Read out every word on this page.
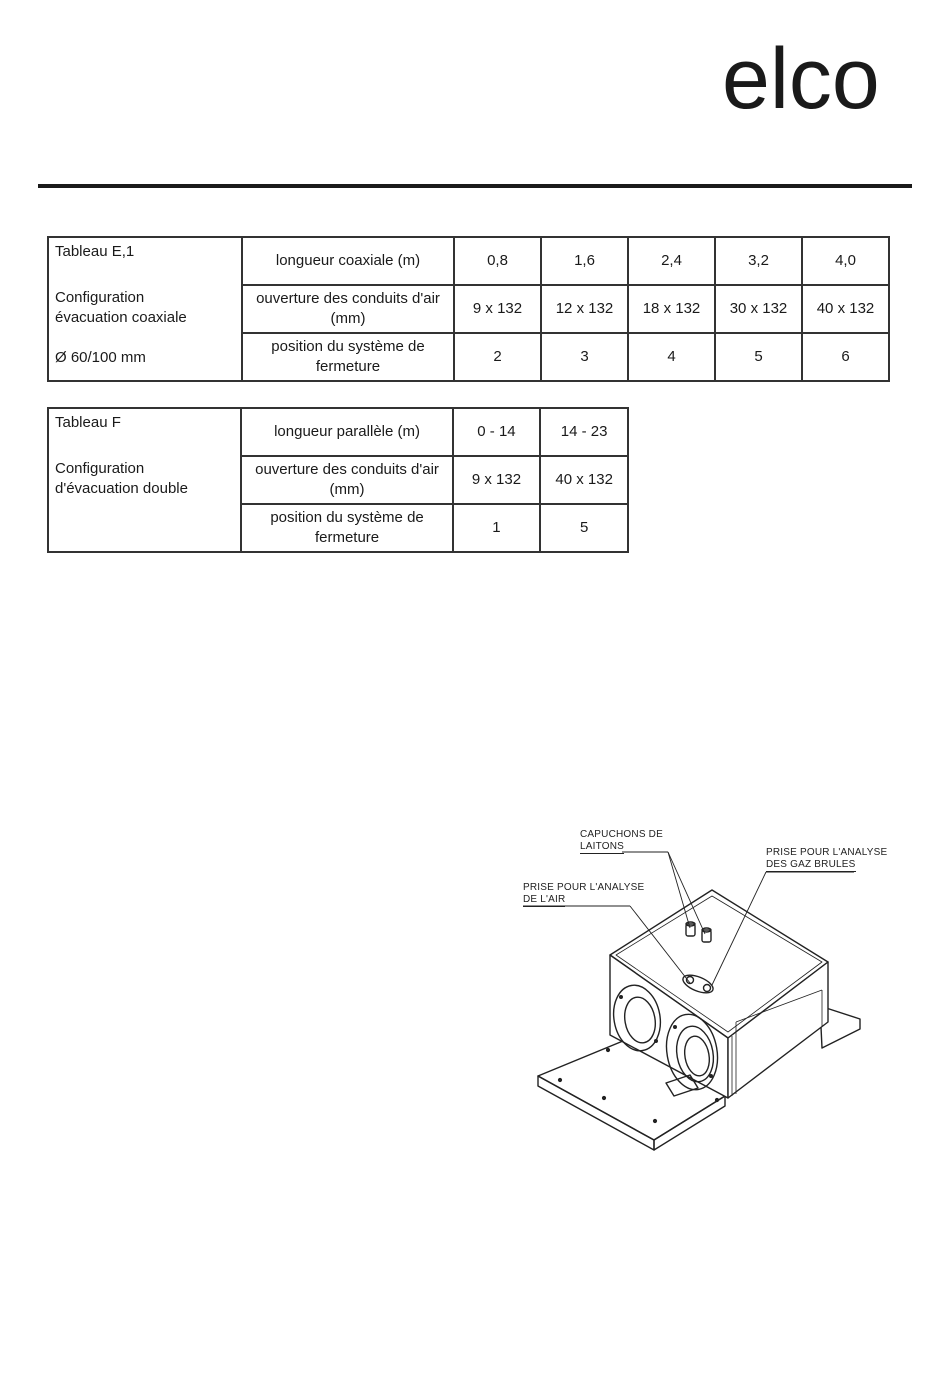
elco
Tableau E,1
Configuration
évacuation coaxiale
Ø 60/100 mm	longueur coaxiale (m)	0,8	1,6	2,4	3,2	4,0
	ouverture des conduits d'air (mm)	9 x 132	12 x 132	18 x 132	30 x 132	40 x 132
	position du système de fermeture	2	3	4	5	6
Tableau F
Configuration
d'évacuation double	longueur parallèle (m)	0 - 14	14 - 23
	ouverture des conduits d'air (mm)	9 x 132	40 x 132
	position du système de fermeture	1	5
CAPUCHONS DE
LAITONS
PRISE POUR L'ANALYSE
DES GAZ BRULES
PRISE POUR L'ANALYSE
DE L'AIR
